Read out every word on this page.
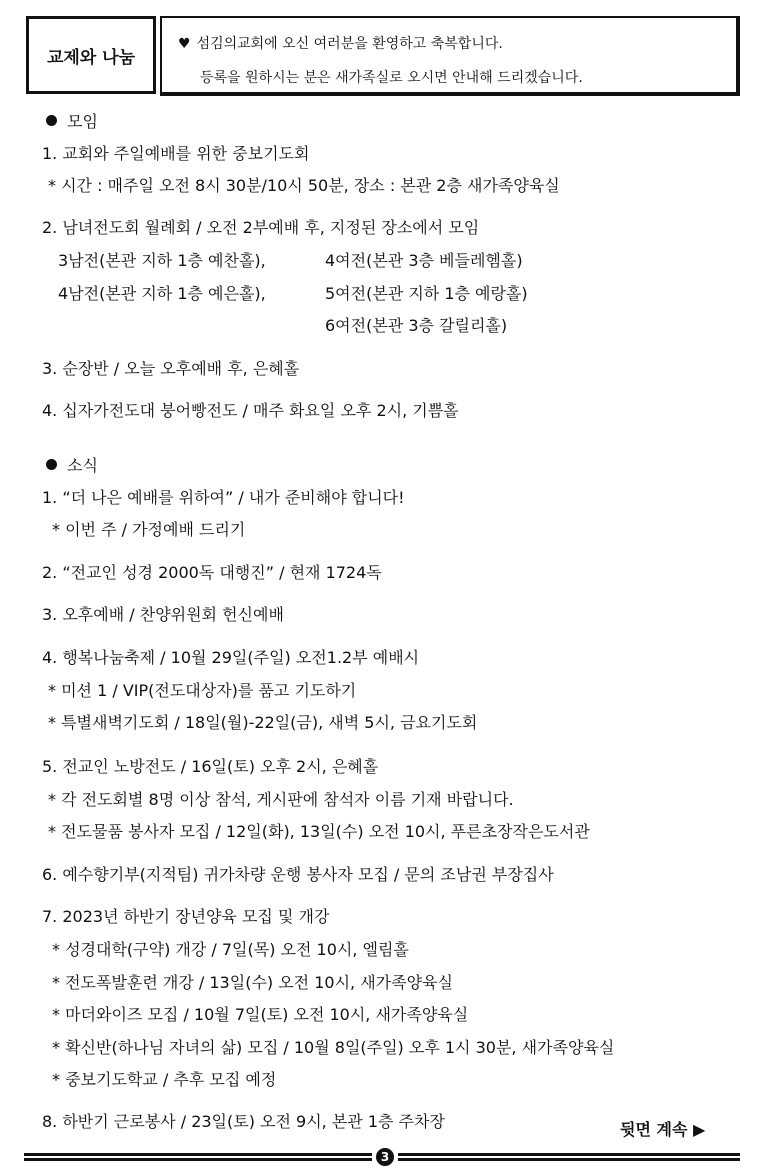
교제와 나눔
♥ 섬김의교회에 오신 여러분을 환영하고 축복합니다.
등록을 원하시는 분은 새가족실로 오시면 안내해 드리겠습니다.
모임
1. 교회와 주일예배를 위한 중보기도회
* 시간 : 매주일 오전 8시 30분/10시 50분, 장소 : 본관 2층 새가족양육실
2. 남녀전도회 월례회 / 오전 2부예배 후, 지정된 장소에서 모임
3남전(본관 지하 1층 예찬홀),	4여전(본관 3층 베들레헴홀)
4남전(본관 지하 1층 예은홀),	5여전(본관 지하 1층 예랑홀)
6여전(본관 3층 갈릴리홀)
3. 순장반 / 오늘 오후예배 후, 은혜홀
4. 십자가전도대 붕어빵전도 / 매주 화요일 오후 2시, 기쁨홀
소식
1. “더 나은 예배를 위하여” / 내가 준비해야 합니다!
* 이번 주 / 가정예배 드리기
2. “전교인 성경 2000독 대행진” / 현재 1724독
3. 오후예배 / 찬양위원회 헌신예배
4. 행복나눔축제 / 10월 29일(주일) 오전1.2부 예배시
* 미션 1 / VIP(전도대상자)를 품고 기도하기
* 특별새벽기도회 / 18일(월)-22일(금), 새벽 5시, 금요기도회
5. 전교인 노방전도 / 16일(토) 오후 2시, 은혜홀
* 각 전도회별 8명 이상 참석, 게시판에 참석자 이름 기재 바랍니다.
* 전도물품 봉사자 모집 / 12일(화), 13일(수) 오전 10시, 푸른초장작은도서관
6. 예수향기부(지적팀) 귀가차량 운행 봉사자 모집 / 문의 조남권 부장집사
7. 2023년 하반기 장년양육 모집 및 개강
* 성경대학(구약) 개강 / 7일(목) 오전 10시, 엘림홀
* 전도폭발훈련 개강 / 13일(수) 오전 10시, 새가족양육실
* 마더와이즈 모집 / 10월 7일(토) 오전 10시, 새가족양육실
* 확신반(하나님 자녀의 삶) 모집 / 10월 8일(주일) 오후 1시 30분, 새가족양육실
* 중보기도학교 / 추후 모집 예정
8. 하반기 근로봉사 / 23일(토) 오전 9시, 본관 1층 주차장	뒷면 계속 ▶
3
